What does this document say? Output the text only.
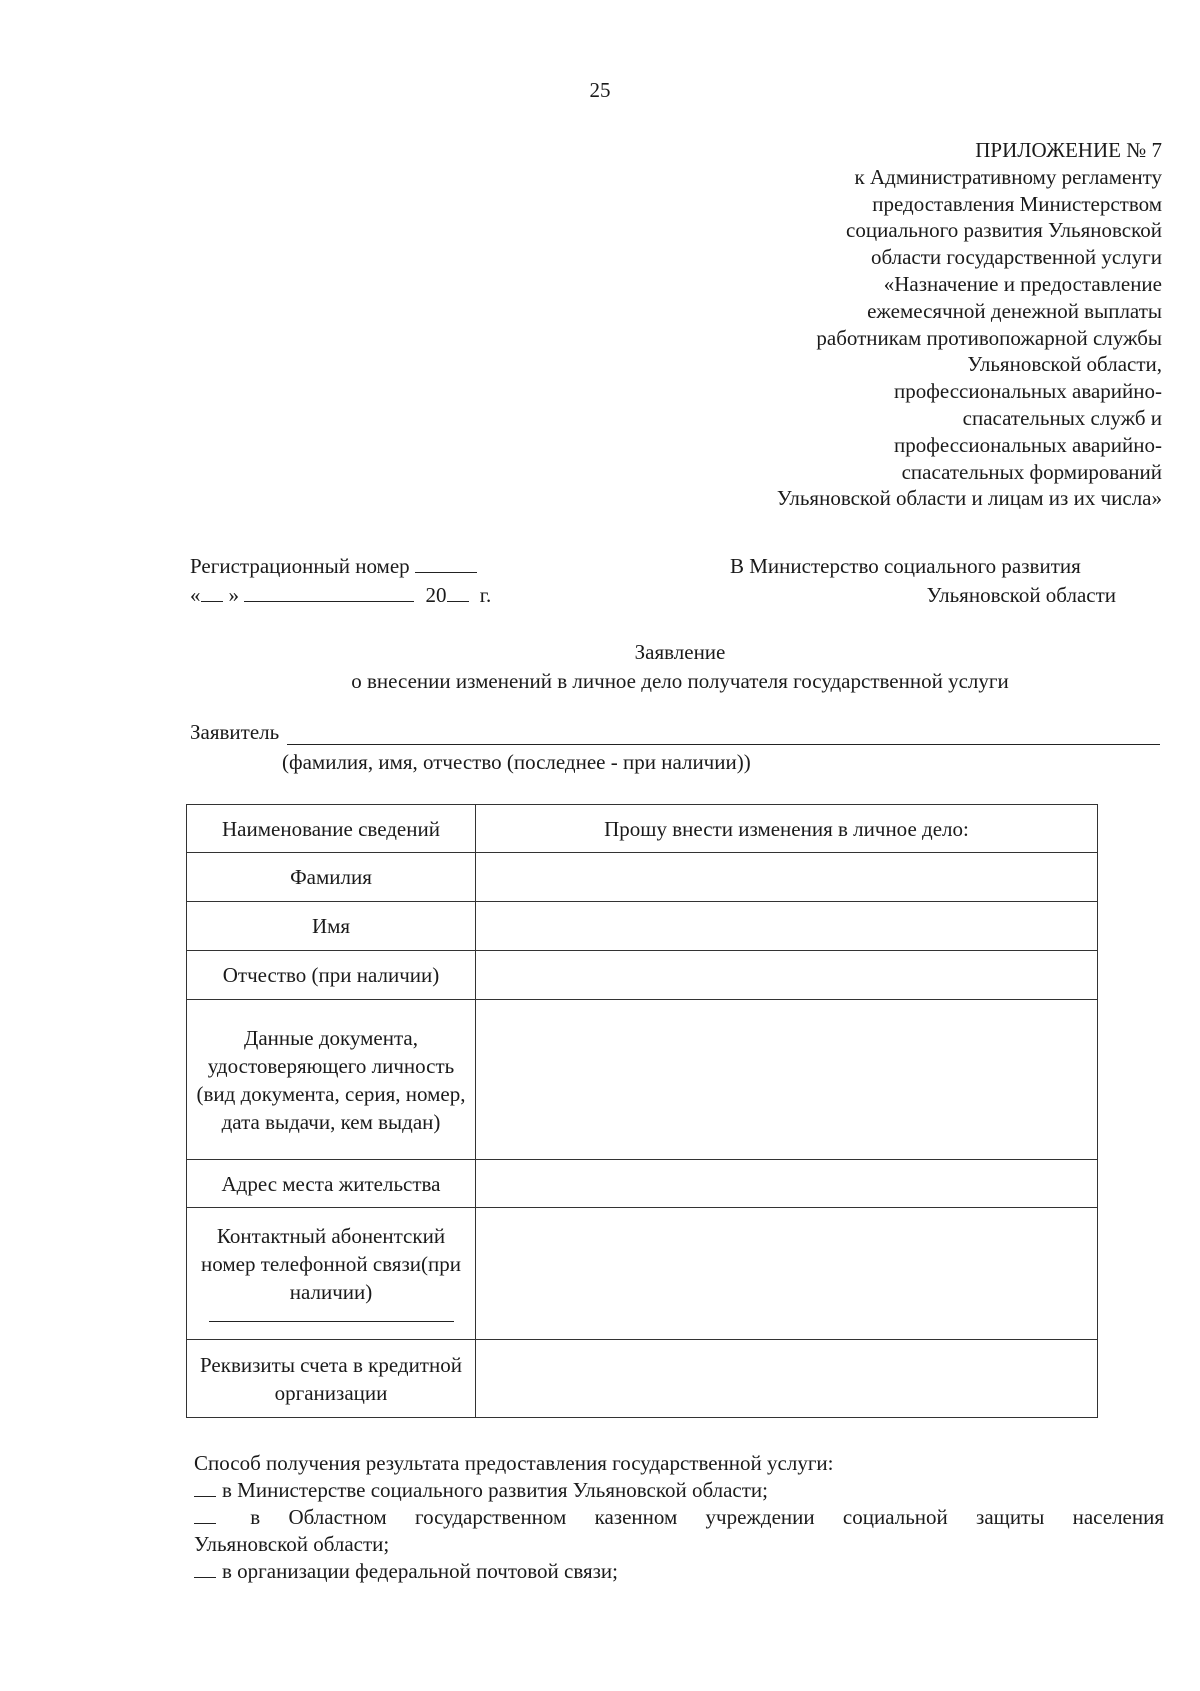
25
ПРИЛОЖЕНИЕ № 7
к Административному регламенту
предоставления Министерством
социального развития Ульяновской
области государственной услуги
«Назначение и предоставление
ежемесячной денежной выплаты
работникам противопожарной службы
Ульяновской области,
профессиональных аварийно-
спасательных служб и
профессиональных аварийно-
спасательных формирований
Ульяновской области и лицам из их числа»
Регистрационный номер
« »	20 г.
В Министерство социального развития
Ульяновской области
Заявление
о внесении изменений в личное дело получателя государственной услуги
Заявитель
(фамилия, имя, отчество (последнее - при наличии))
Наименование сведений	Прошу внести изменения в личное дело:
Фамилия	
Имя	
Отчество (при наличии)	
Данные документа, удостоверяющего личность (вид документа, серия, номер, дата выдачи, кем выдан)	
Адрес места жительства	
Контактный абонентский номер телефонной связи(при наличии)

Реквизиты счета в кредитной организации	
Способ получения результата предоставления государственной услуги:
в Министерстве социального развития Ульяновской области;
в Областном государственном казенном учреждении социальной защиты населения
Ульяновской области;
в организации федеральной почтовой связи;
